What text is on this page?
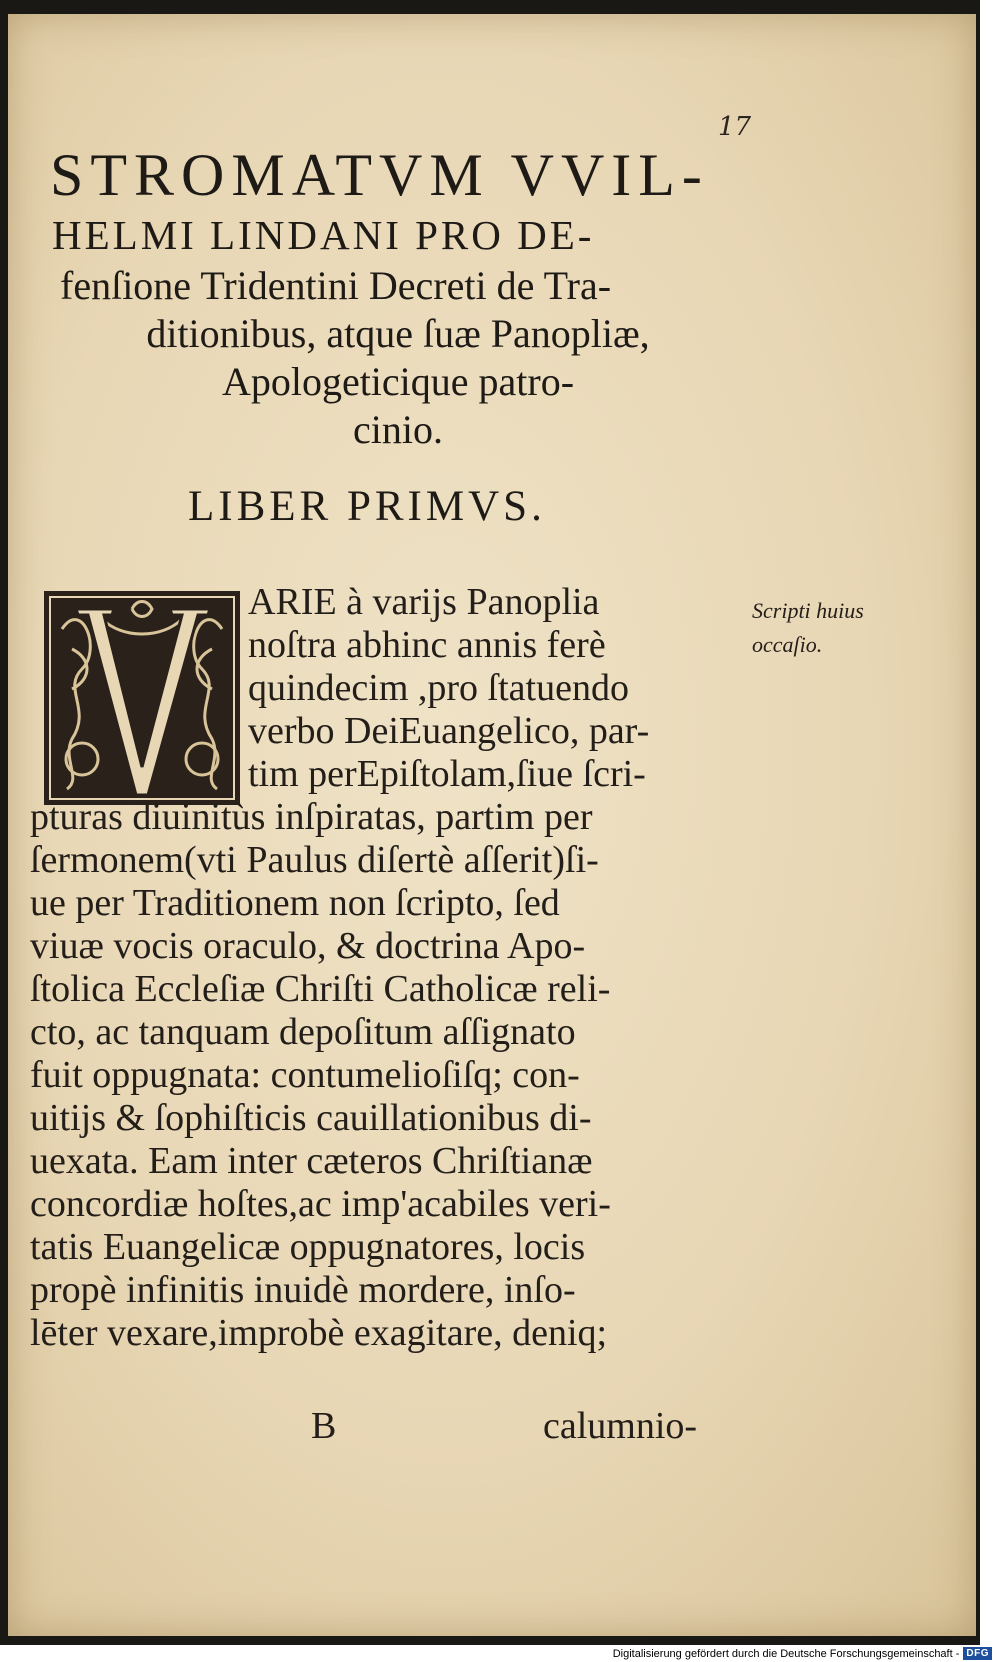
17
STROMATVM VVIL-
HELMI LINDANI PRO DE-
fenſione Tridentini Decreti de Tra-
ditionibus, atque ſuæ Panopliæ,
Apologeticique patro-
cinio.
LIBER PRIMVS.
ARIE à varijs Panoplia
noſtra abhinc annis ferè
quindecim ,pro ſtatuendo
verbo DeiEuangelico, par-
tim perEpiſtolam,ſiue ſcri-
pturas diuinitùs inſpiratas, partim per
ſermonem(vti Paulus diſertè aſſerit)ſi-
ue per Traditionem non ſcripto, ſed
viuæ vocis oraculo, & doctrina Apo-
ſtolica Eccleſiæ Chriſti Catholicæ reli-
cto, ac tanquam depoſitum aſſignato
fuit oppugnata: contumelioſiſq; con-
uitijs & ſophiſticis cauillationibus di-
uexata. Eam inter cæteros Chriſtianæ
concordiæ hoſtes,ac imp'acabiles veri-
tatis Euangelicæ oppugnatores, locis
propè infinitis inuidè mordere, inſo-
lēter vexare,improbè exagitare, deniq;
Scripti huius
occaſio.
B	calumnio-
Digitalisierung gefördert durch die Deutsche Forschungsgemeinschaft - DFG
